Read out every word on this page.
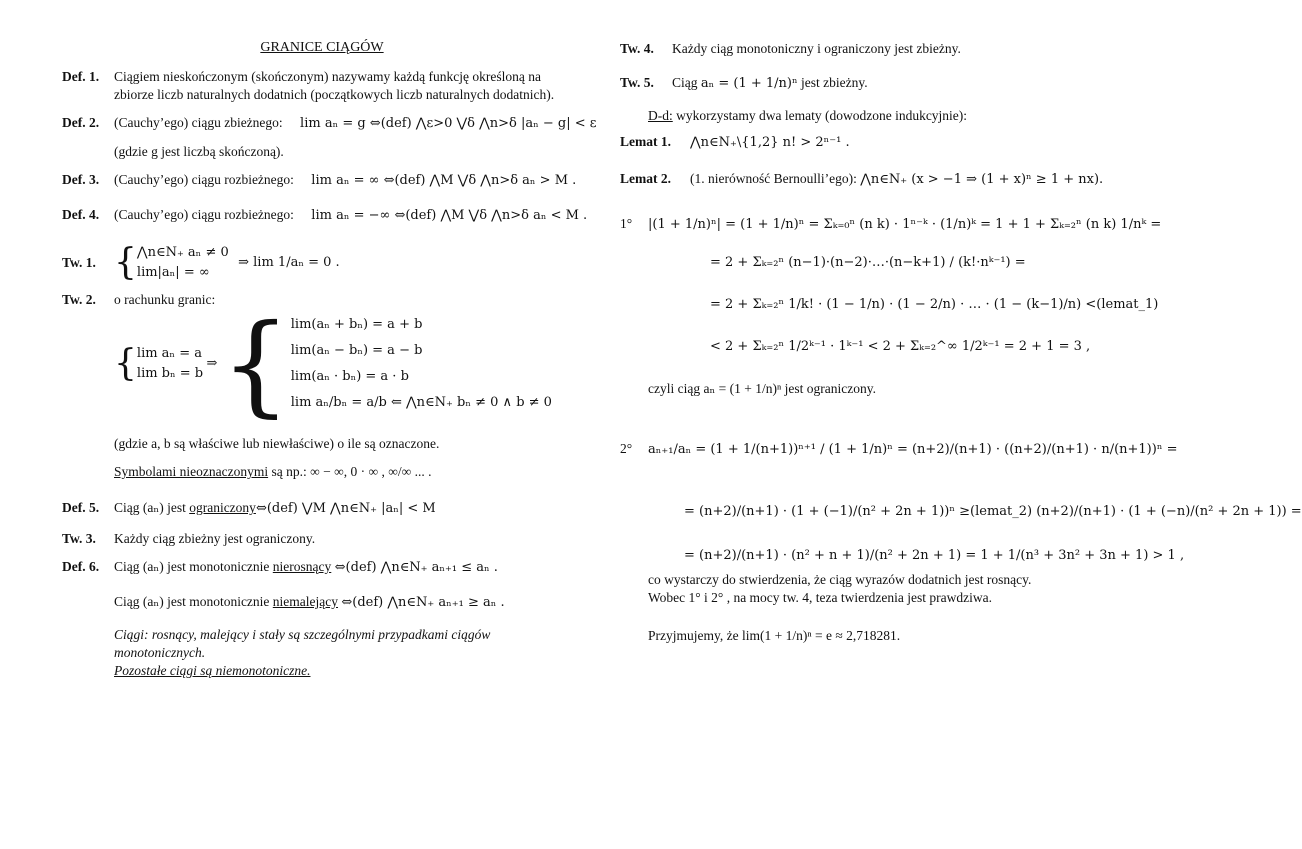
GRANICE CIĄGÓW
Def. 1. Ciągiem nieskończonym (skończonym) nazywamy każdą funkcję określoną na zbiorze liczb naturalnych dodatnich (początkowych liczb naturalnych dodatnich).
Def. 2. (Cauchy’ego) ciągu zbieżnego: lim aₙ = g ⇔(def) ⋀ε>0 ⋁δ ⋀n>δ |aₙ − g| < ε
(gdzie g jest liczbą skończoną).
Def. 3. (Cauchy’ego) ciągu rozbieżnego: lim aₙ = ∞ ⇔(def) ⋀M ⋁δ ⋀n>δ aₙ > M .
Def. 4. (Cauchy’ego) ciągu rozbieżnego: lim aₙ = −∞ ⇔(def) ⋀M ⋁δ ⋀n>δ aₙ < M .
Tw. 1. {⋀n∈N₊ aₙ ≠ 0
lim|aₙ| = ∞ ⇒ lim 1/aₙ = 0 .
Tw. 2. o rachunku granic:
{lim aₙ = a
lim bₙ = b ⇒ {lim(aₙ + bₙ) = a + b
lim(aₙ − bₙ) = a − b
lim(aₙ · bₙ) = a · b
lim aₙ/bₙ = a/b ⇐ ⋀n∈N₊ bₙ ≠ 0 ∧ b ≠ 0
(gdzie a, b są właściwe lub niewłaściwe) o ile są oznaczone.
Symbolami nieoznaczonymi są np.: ∞ − ∞, 0 · ∞ , ∞/∞ ... .
Def. 5. Ciąg (aₙ) jest ograniczony⇔(def) ⋁M ⋀n∈N₊ |aₙ| < M
Tw. 3. Każdy ciąg zbieżny jest ograniczony.
Def. 6. Ciąg (aₙ) jest monotonicznie nierosnący ⇔(def) ⋀n∈N₊ aₙ₊₁ ≤ aₙ .
Ciąg (aₙ) jest monotonicznie niemalejący ⇔(def) ⋀n∈N₊ aₙ₊₁ ≥ aₙ .
Ciągi: rosnący, malejący i stały są szczególnymi przypadkami ciągów monotonicznych.
Pozostałe ciągi są niemonotoniczne.
Tw. 4. Każdy ciąg monotoniczny i ograniczony jest zbieżny.
Tw. 5. Ciąg aₙ = (1 + 1/n)ⁿ jest zbieżny.
D-d: wykorzystamy dwa lematy (dowodzone indukcyjnie):
Lemat 1. ⋀n∈N₊\{1,2} n! > 2ⁿ⁻¹ .
Lemat 2. (1. nierówność Bernoulli’ego): ⋀n∈N₊ (x > −1 ⇒ (1 + x)ⁿ ≥ 1 + nx).
1° |(1 + 1/n)ⁿ| = (1 + 1/n)ⁿ = Σₖ₌₀ⁿ (n k) · 1ⁿ⁻ᵏ · (1/n)ᵏ = 1 + 1 + Σₖ₌₂ⁿ (n k) 1/nᵏ =
= 2 + Σₖ₌₂ⁿ (n−1)·(n−2)·…·(n−k+1) / (k!·nᵏ⁻¹) =
= 2 + Σₖ₌₂ⁿ 1/k! · (1 − 1/n) · (1 − 2/n) · … · (1 − (k−1)/n) <(lemat_1)
< 2 + Σₖ₌₂ⁿ 1/2ᵏ⁻¹ · 1ᵏ⁻¹ < 2 + Σₖ₌₂^∞ 1/2ᵏ⁻¹ = 2 + 1 = 3 ,
czyli ciąg aₙ = (1 + 1/n)ⁿ jest ograniczony.
2° aₙ₊₁/aₙ = (1 + 1/(n+1))ⁿ⁺¹ / (1 + 1/n)ⁿ = (n+2)/(n+1) · ((n+2)/(n+1) · n/(n+1))ⁿ =
= (n+2)/(n+1) · (1 + (−1)/(n² + 2n + 1))ⁿ ≥(lemat_2) (n+2)/(n+1) · (1 + (−n)/(n² + 2n + 1)) =
= (n+2)/(n+1) · (n² + n + 1)/(n² + 2n + 1) = 1 + 1/(n³ + 3n² + 3n + 1) > 1 ,
co wystarczy do stwierdzenia, że ciąg wyrazów dodatnich jest rosnący.
Wobec 1° i 2° , na mocy tw. 4, teza twierdzenia jest prawdziwa.
Przyjmujemy, że lim(1 + 1/n)ⁿ = e ≈ 2,718281.
